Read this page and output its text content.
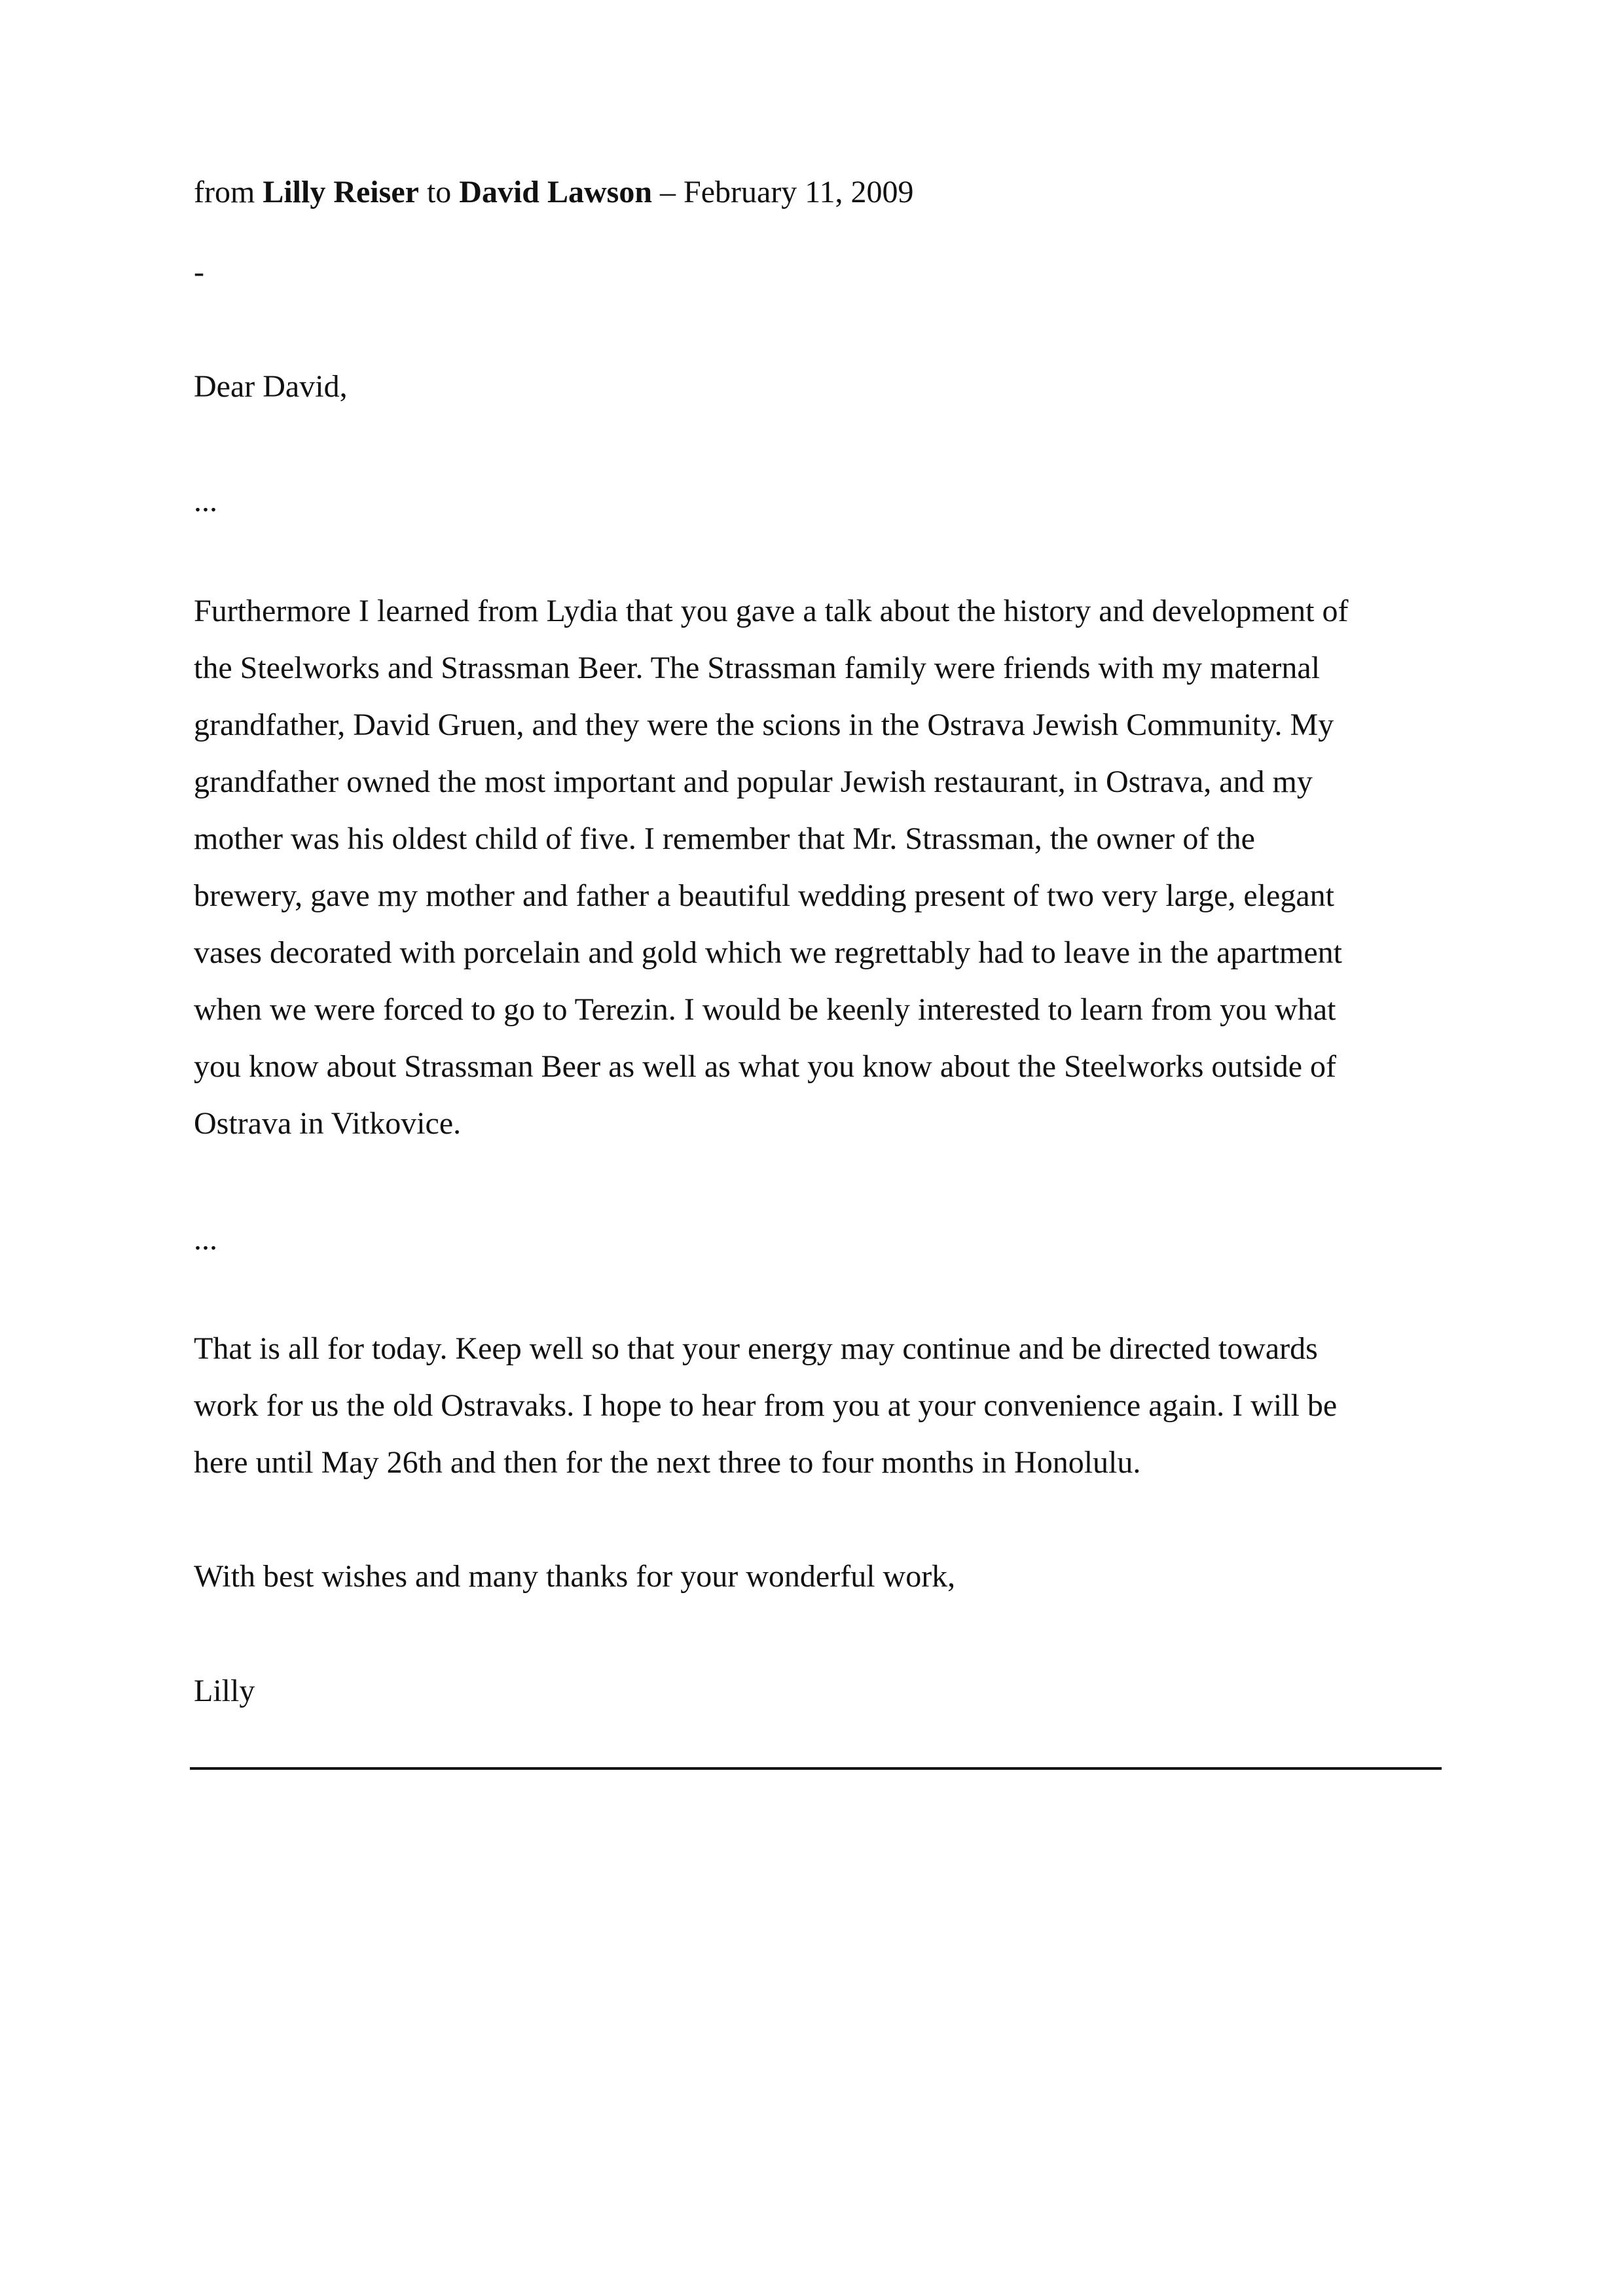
from Lilly Reiser to David Lawson – February 11, 2009

-

Dear David,

...

Furthermore I learned from Lydia that you gave a talk about the history and development of
the Steelworks and Strassman Beer. The Strassman family were friends with my maternal
grandfather, David Gruen, and they were the scions in the Ostrava Jewish Community. My
grandfather owned the most important and popular Jewish restaurant, in Ostrava, and my
mother was his oldest child of five. I remember that Mr. Strassman, the owner of the
brewery, gave my mother and father a beautiful wedding present of two very large, elegant
vases decorated with porcelain and gold which we regrettably had to leave in the apartment
when we were forced to go to Terezin. I would be keenly interested to learn from you what
you know about Strassman Beer as well as what you know about the Steelworks outside of
Ostrava in Vitkovice.

...

That is all for today. Keep well so that your energy may continue and be directed towards
work for us the old Ostravaks. I hope to hear from you at your convenience again. I will be
here until May 26th and then for the next three to four months in Honolulu.

With best wishes and many thanks for your wonderful work,

Lilly
